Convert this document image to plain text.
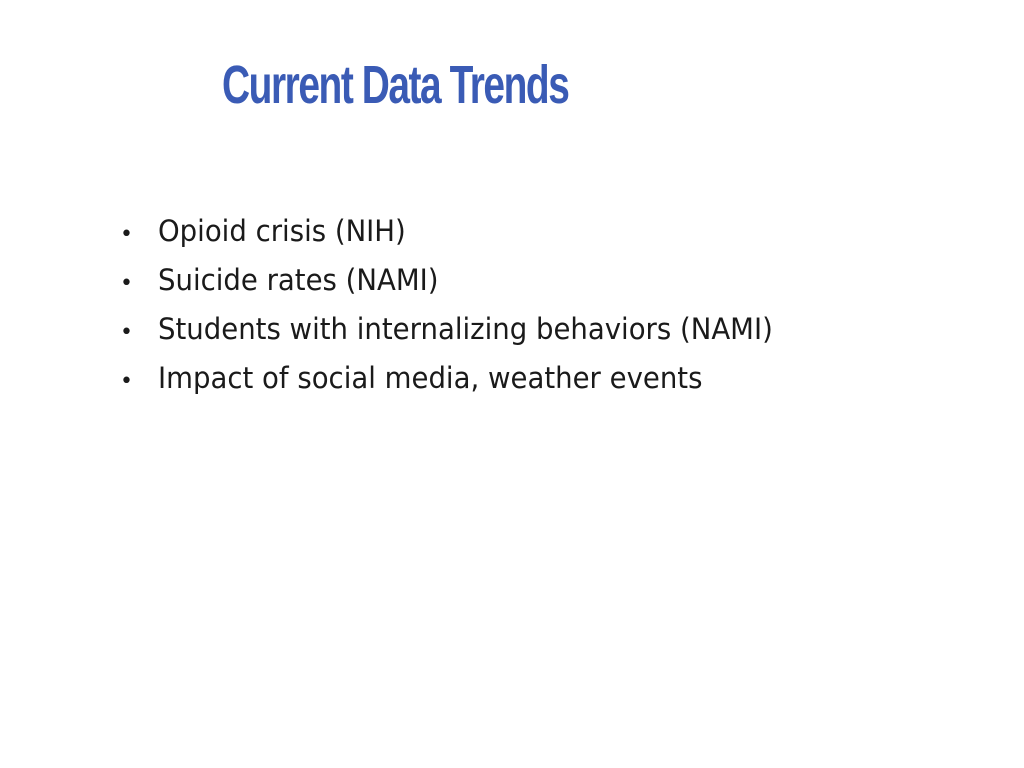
Current Data Trends
• Opioid crisis (NIH)
• Suicide rates (NAMI)
• Students with internalizing behaviors (NAMI)
• Impact of social media, weather events
